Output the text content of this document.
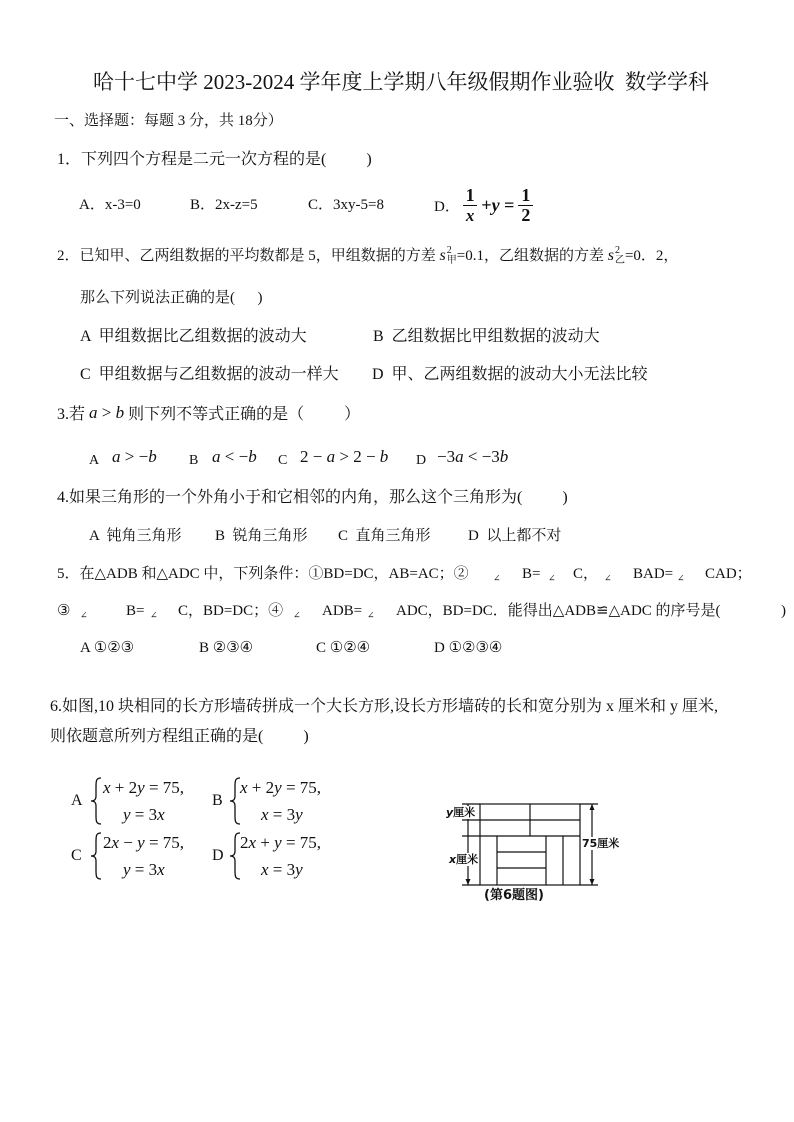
哈十七中学 2023-2024 学年度上学期八年级假期作业验收  数学学科
一、选择题：每题 3 分，共 18分）
1．下列四个方程是二元一次方程的是(          )
A．x-3=0	B．2x-z=5	C．3xy-5=8	D． $\frac{1}{x} +y = \frac{1}{2}$
2．已知甲、乙两组数据的平均数都是 5，甲组数据的方差 s 2
甲 =0.1，乙组数据的方差 s 2
乙 =0．2，
那么下列说法正确的是(      )
A  甲组数据比乙组数据的波动大	B  乙组数据比甲组数据的波动大
C  甲组数据与乙组数据的波动一样大 D  甲、乙两组数据的波动大小无法比较
3.若 a > b 则下列不等式正确的是（          ）
A a > −b B a < −b C 2 − a > 2 − b D −3a < −3b
4.如果三角形的一个外角小于和它相邻的内角，那么这个三角形为(          )
A  钝角三角形 B  锐角三角形 C  直角三角形 D  以上都不对
5．在△ADB 和△ADC 中，下列条件：①BD=DC，AB=AC；②	∠ B= ∠ C， ∠ BAD= ∠ CAD；
③ ∠	B= ∠ C，BD=DC；④ ∠ ADB= ∠ ADC，BD=DC．能得出△ADB≌△ADC 的序号是(	)
A ①②③	B ②③④	C ①②④	D ①②③④
6.如图,10 块相同的长方形墙砖拼成一个大长方形,设长方形墙砖的长和宽分别为 x 厘米和 y 厘米,
则依题意所列方程组正确的是(          )
A
x + 2y = 75,
y = 3x
B
x + 2y = 75,
x = 3y
C
2x − y = 75,
y = 3x
D
2x + y = 75,
x = 3y
y厘米
x厘米
75厘米
(第6题图)
